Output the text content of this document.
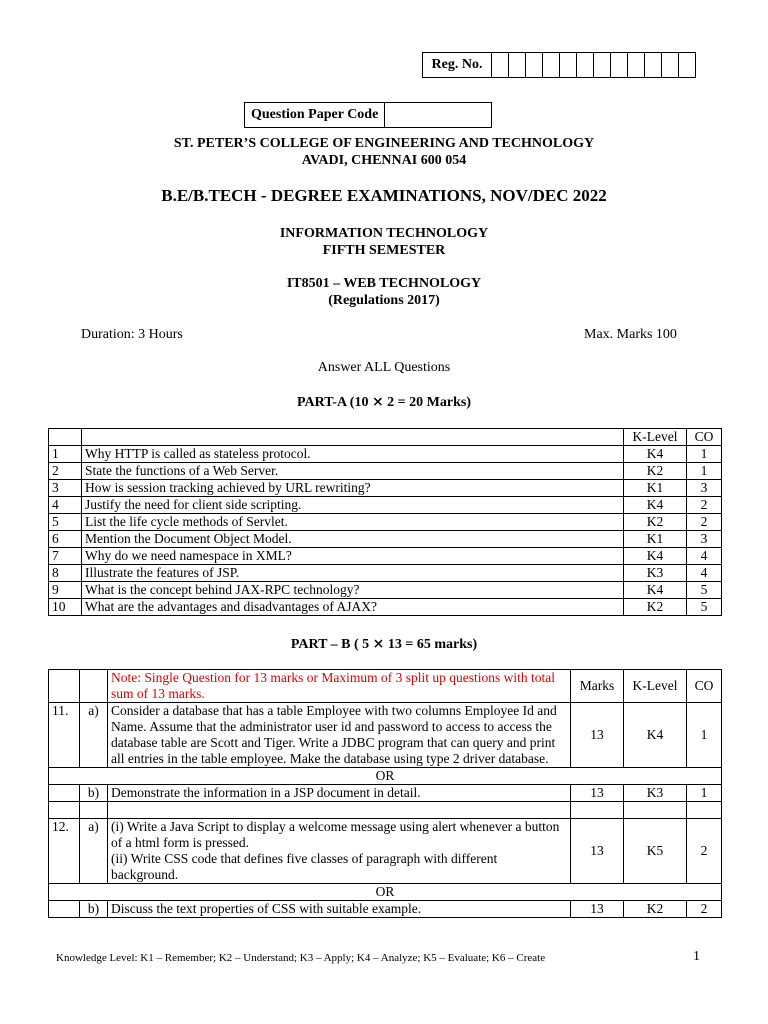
Reg. No.												
Question Paper Code	
ST. PETER’S COLLEGE OF ENGINEERING AND TECHNOLOGY
AVADI, CHENNAI 600 054
B.E/B.TECH - DEGREE EXAMINATIONS, NOV/DEC 2022
INFORMATION TECHNOLOGY
FIFTH SEMESTER
IT8501 – WEB TECHNOLOGY
(Regulations 2017)
Duration: 3 Hours	Max. Marks 100
Answer ALL Questions
PART-A (10 ⨯ 2 = 20 Marks)
		K-Level	CO
1	Why HTTP is called as stateless protocol.	K4	1
2	State the functions of a Web Server.	K2	1
3	How is session tracking achieved by URL rewriting?	K1	3
4	Justify the need for client side scripting.	K4	2
5	List the life cycle methods of Servlet.	K2	2
6	Mention the Document Object Model.	K1	3
7	Why do we need namespace in XML?	K4	4
8	Illustrate the features of JSP.	K3	4
9	What is the concept behind JAX-RPC technology?	K4	5
10	What are the advantages and disadvantages of AJAX?	K2	5
PART – B ( 5 ⨯ 13 = 65 marks)
		Note: Single Question for 13 marks or Maximum of 3 split up questions with total sum of 13 marks.	Marks	K-Level	CO
11.	a)	Consider a database that has a table Employee with two columns Employee Id and Name. Assume that the administrator user id and password to access to access the database table are Scott and Tiger. Write a JDBC program that can query and print all entries in the table employee. Make the database using type 2 driver database.	13	K4	1
OR					
	b)	Demonstrate the information in a JSP document in detail.	13	K3	1

12.	a)	(i) Write a Java Script to display a welcome message using alert whenever a button of a html form is pressed.
(ii) Write CSS code that defines five classes of paragraph with different background.	13	K5	2
OR					
	b)	Discuss the text properties of CSS with suitable example.	13	K2	2
Knowledge Level: K1 – Remember; K2 – Understand; K3 – Apply; K4 – Analyze; K5 – Evaluate; K6 – Create	1
